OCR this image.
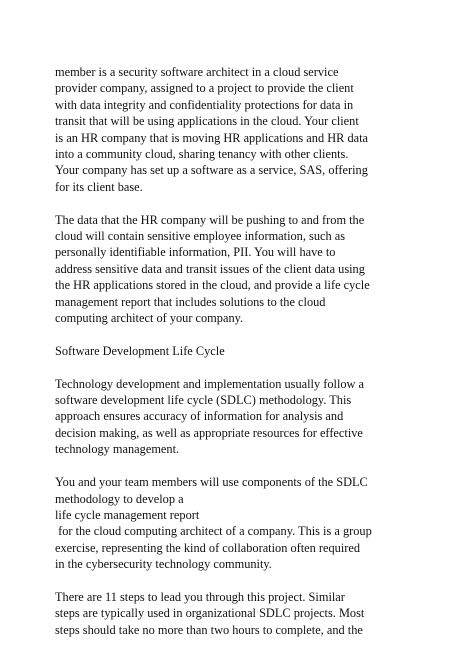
member is a security software architect in a cloud service
provider company, assigned to a project to provide the client
with data integrity and confidentiality protections for data in
transit that will be using applications in the cloud. Your client
is an HR company that is moving HR applications and HR data
into a community cloud, sharing tenancy with other clients.
Your company has set up a software as a service, SAS, offering
for its client base.

The data that the HR company will be pushing to and from the
cloud will contain sensitive employee information, such as
personally identifiable information, PII. You will have to
address sensitive data and transit issues of the client data using
the HR applications stored in the cloud, and provide a life cycle
management report that includes solutions to the cloud
computing architect of your company.

Software Development Life Cycle

Technology development and implementation usually follow a
software development life cycle (SDLC) methodology. This
approach ensures accuracy of information for analysis and
decision making, as well as appropriate resources for effective
technology management.

You and your team members will use components of the SDLC
methodology to develop a
life cycle management report
for the cloud computing architect of a company. This is a group
exercise, representing the kind of collaboration often required
in the cybersecurity technology community.

There are 11 steps to lead you through this project. Similar
steps are typically used in organizational SDLC projects. Most
steps should take no more than two hours to complete, and the
